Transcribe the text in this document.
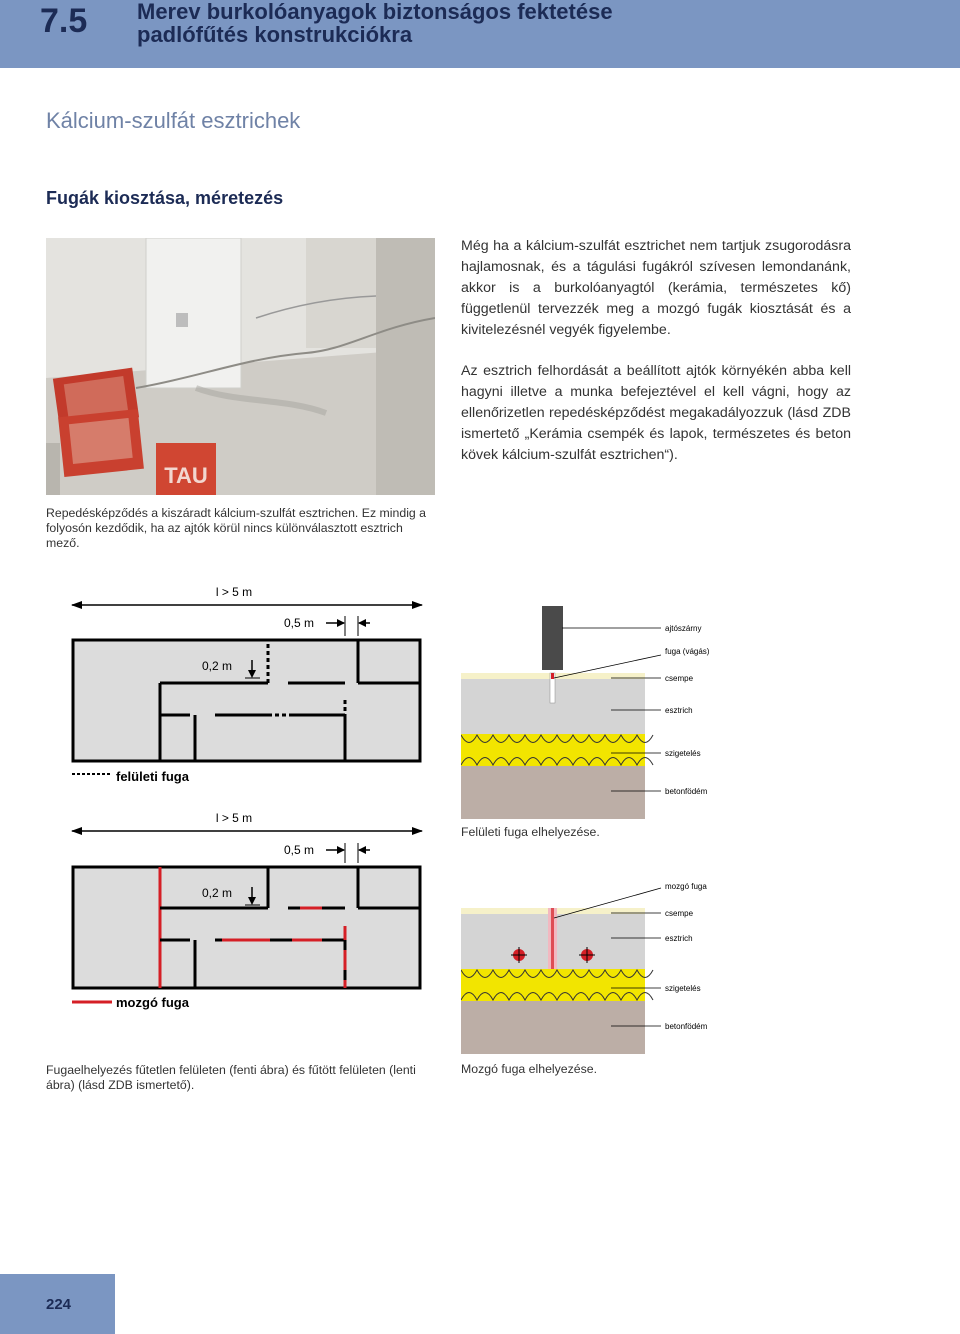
7.5 Merev burkolóanyagok biztonságos fektetése
padlófűtés konstrukciókra
Kálcium-szulfát esztrichek
Fugák kiosztása, méretezés
TAU
Még ha a kálcium-szulfát esztrichet nem tartjuk zsugorodásra hajlamosnak, és a tágulási fugákról szívesen lemondanánk, akkor is a burkolóanyagtól (kerámia, természetes kő) függetlenül tervezzék meg a mozgó fugák kiosztását és a kivitelezésnél vegyék figyelembe.
Az esztrich felhordását a beállított ajtók környékén abba kell hagyni illetve a munka befejeztével el kell vágni, hogy az ellenőrizetlen repedésképződést megakadályozzuk (lásd ZDB ismertető „Kerámia csempék és lapok, természetes és beton kövek kálcium-szulfát esztrichen“).
Repedésképződés a kiszáradt kálcium-szulfát esztrichen. Ez mindig a folyosón kezdődik, ha az ajtók körül nincs különválasztott esztrich mező.
l > 5 m
0,5 m
0,2 m
felületi fuga
l > 5 m
0,5 m
0,2 m
mozgó fuga
Fugaelhelyezés fűtetlen felületen (fenti ábra) és fűtött felületen (lenti ábra) (lásd ZDB ismertető).
ajtószárny
fuga (vágás)
csempe
esztrich
szigetelés
betonfödém
Felületi fuga elhelyezése.
mozgó fuga
csempe
esztrich
szigetelés
betonfödém
Mozgó fuga elhelyezése.
224
